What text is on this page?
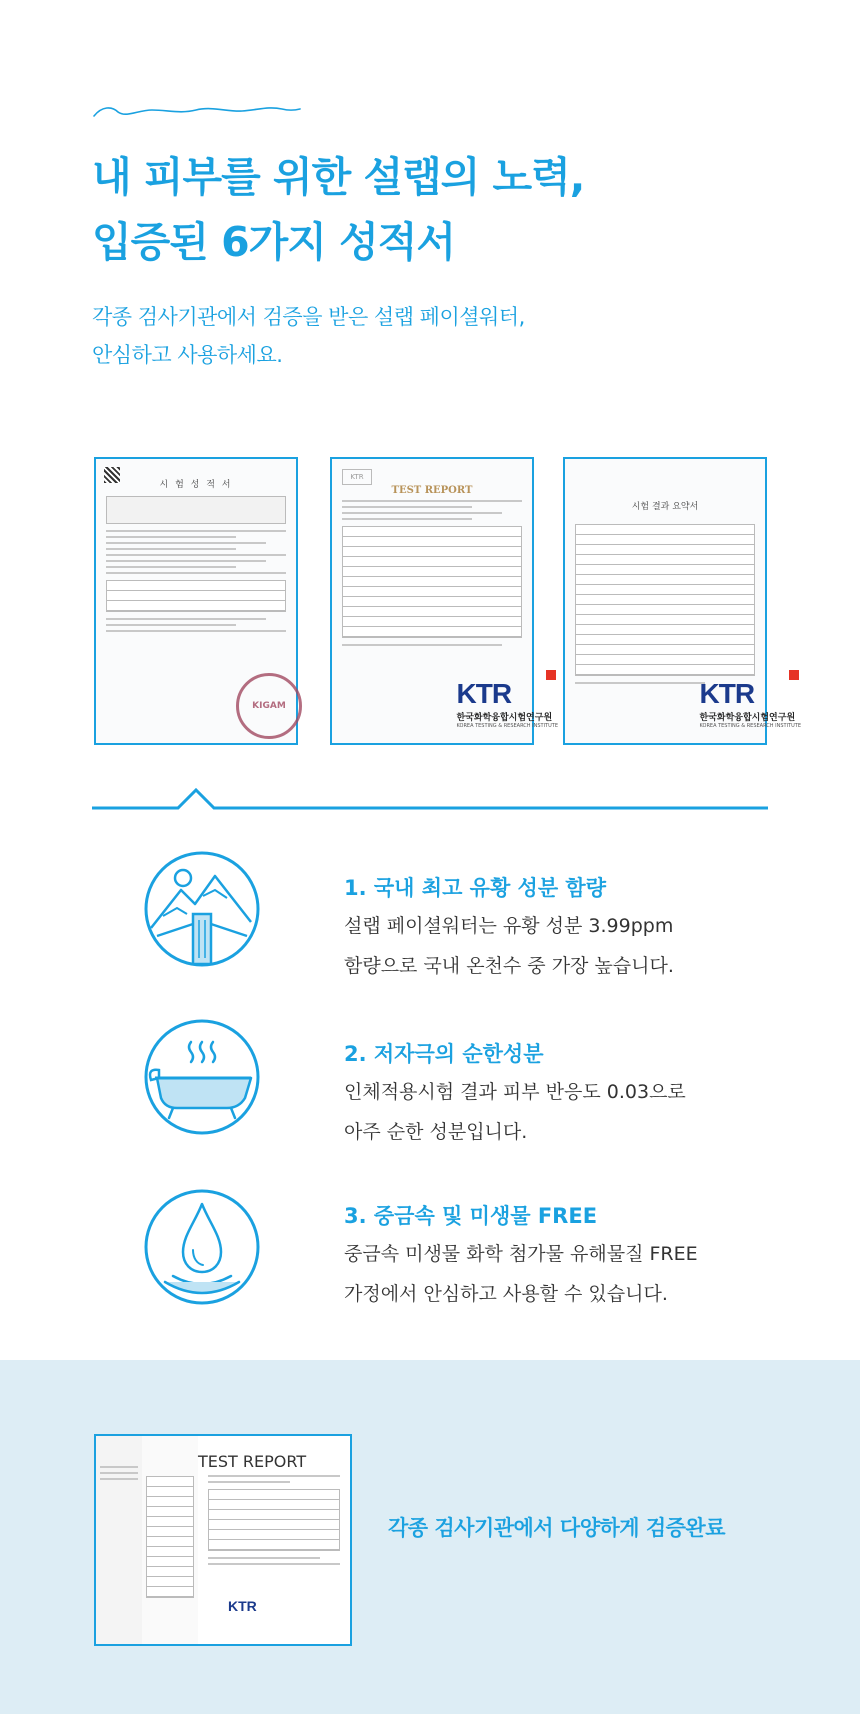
내 피부를 위한 설랩의 노력,
입증된 6가지 성적서

각종 검사기관에서 검증을 받은 설랩 페이셜워터,
안심하고 사용하세요.

시 험 성 적 서
KIGAM
KTR
TEST REPORT
KTR
한국화학융합시험연구원
KOREA TESTING & RESEARCH INSTITUTE
시험 결과 요약서
KTR
한국화학융합시험연구원
KOREA TESTING & RESEARCH INSTITUTE

1. 국내 최고 유황 성분 함량

설랩 페이셜워터는 유황 성분 3.99ppm
함량으로 국내 온천수 중 가장 높습니다.

2. 저자극의 순한성분

인체적용시험 결과 피부 반응도 0.03으로
아주 순한 성분입니다.

3. 중금속 및 미생물 FREE

중금속 미생물 화학 첨가물 유해물질 FREE
가정에서 안심하고 사용할 수 있습니다.

TEST REPORT
KTR

각종 검사기관에서 다양하게 검증완료
